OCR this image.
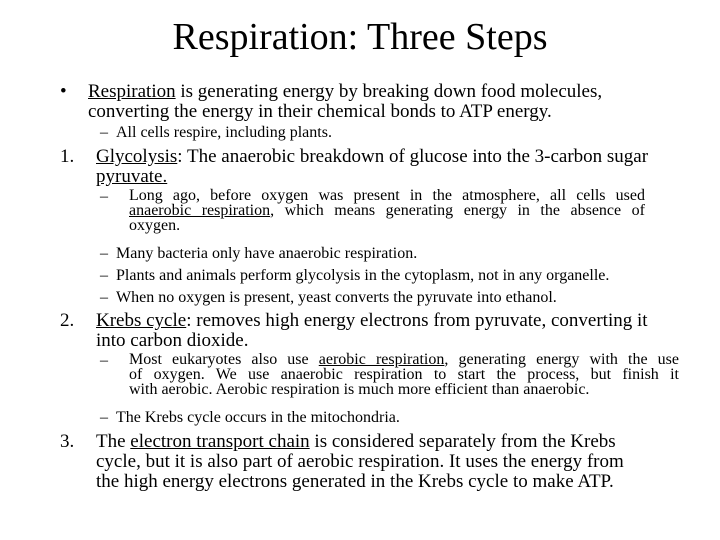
Respiration: Three Steps
• Respiration is generating energy by breaking down food molecules,
converting the energy in their chemical bonds to ATP energy.
– All cells respire, including plants.
1. Glycolysis: The anaerobic breakdown of glucose into the 3-carbon sugar
pyruvate.
– Long ago, before oxygen was present in the atmosphere, all cells used
anaerobic respiration, which means generating energy in the absence of
oxygen.
– Many bacteria only have anaerobic respiration.
– Plants and animals perform glycolysis in the cytoplasm, not in any organelle.
– When no oxygen is present, yeast converts the pyruvate into ethanol.
2. Krebs cycle: removes high energy electrons from pyruvate, converting it
into carbon dioxide.
– Most eukaryotes also use aerobic respiration, generating energy with the use
of oxygen. We use anaerobic respiration to start the process, but finish it
with aerobic. Aerobic respiration is much more efficient than anaerobic.
– The Krebs cycle occurs in the mitochondria.
3. The electron transport chain is considered separately from the Krebs
cycle, but it is also part of aerobic respiration. It uses the energy from
the high energy electrons generated in the Krebs cycle to make ATP.
